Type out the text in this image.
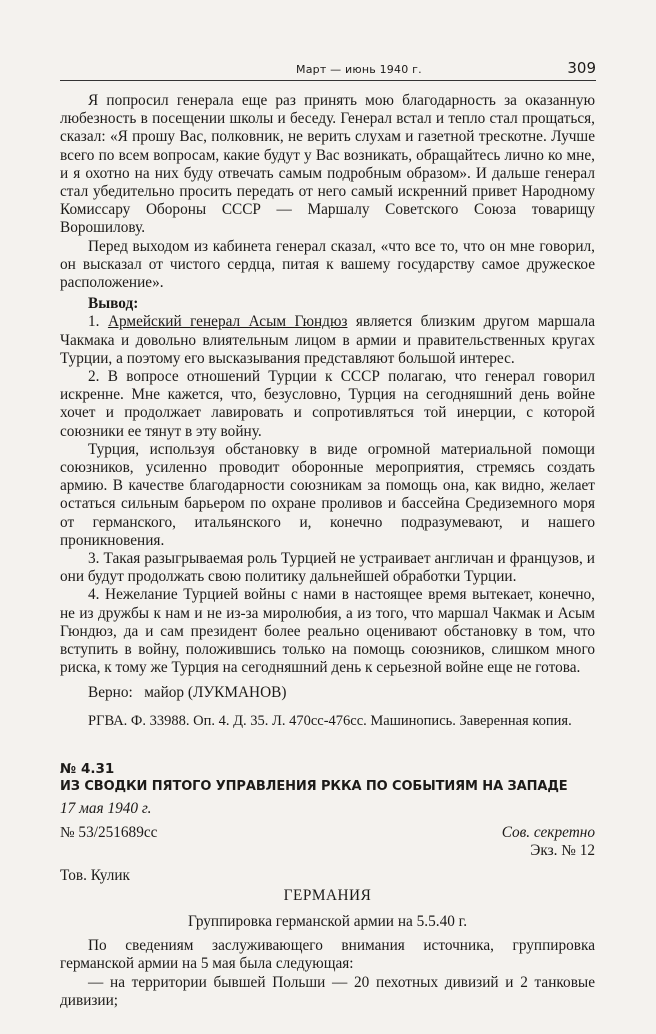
Март — июнь 1940 г.	309

Я попросил генерала еще раз принять мою благодарность за оказанную любезность в посещении школы и беседу. Генерал встал и тепло стал прощаться, сказал: «Я прошу Вас, полковник, не верить слухам и газетной трескотне. Лучше всего по всем вопросам, какие будут у Вас возникать, обращайтесь лично ко мне, и я охотно на них буду отвечать самым подробным образом». И дальше генерал стал убедительно просить передать от него самый искренний привет Народному Комиссару Обороны СССР — Маршалу Советского Союза товарищу Ворошилову.

Перед выходом из кабинета генерал сказал, «что все то, что он мне говорил, он высказал от чистого сердца, питая к вашему государству самое дружеское расположение».

Вывод:

1. Армейский генерал Асым Гюндюз является близким другом маршала Чакмака и довольно влиятельным лицом в армии и правительственных кругах Турции, а поэтому его высказывания представляют большой интерес.

2. В вопросе отношений Турции к СССР полагаю, что генерал говорил искренне. Мне кажется, что, безусловно, Турция на сегодняшний день войне хочет и продолжает лавировать и сопротивляться той инерции, с которой союзники ее тянут в эту войну.

Турция, используя обстановку в виде огромной материальной помощи союзников, усиленно проводит оборонные мероприятия, стремясь создать армию. В качестве благодарности союзникам за помощь она, как видно, желает остаться сильным барьером по охране проливов и бассейна Средиземного моря от германского, итальянского и, конечно подразумевают, и нашего проникновения.

3. Такая разыгрываемая роль Турцией не устраивает англичан и французов, и они будут продолжать свою политику дальнейшей обработки Турции.

4. Нежелание Турцией войны с нами в настоящее время вытекает, конечно, не из дружбы к нам и не из-за миролюбия, а из того, что маршал Чакмак и Асым Гюндюз, да и сам президент более реально оценивают обстановку в том, что вступить в войну, положившись только на помощь союзников, слишком много риска, к тому же Турция на сегодняшний день к серьезной войне еще не готова.

Верно:   майор (ЛУКМАНОВ)

РГВА. Ф. 33988. Оп. 4. Д. 35. Л. 470сс-476сс. Машинопись. Заверенная копия.

№ 4.31
ИЗ СВОДКИ ПЯТОГО УПРАВЛЕНИЯ РККА ПО СОБЫТИЯМ НА ЗАПАДЕ
17 мая 1940 г.
№ 53/251689сс	Сов. секретно
Экз. № 12
Тов. Кулик
ГЕРМАНИЯ
Группировка германской армии на 5.5.40 г.

По сведениям заслуживающего внимания источника, группировка германской армии на 5 мая была следующая:

— на территории бывшей Польши — 20 пехотных дивизий и 2 танковые дивизии;
